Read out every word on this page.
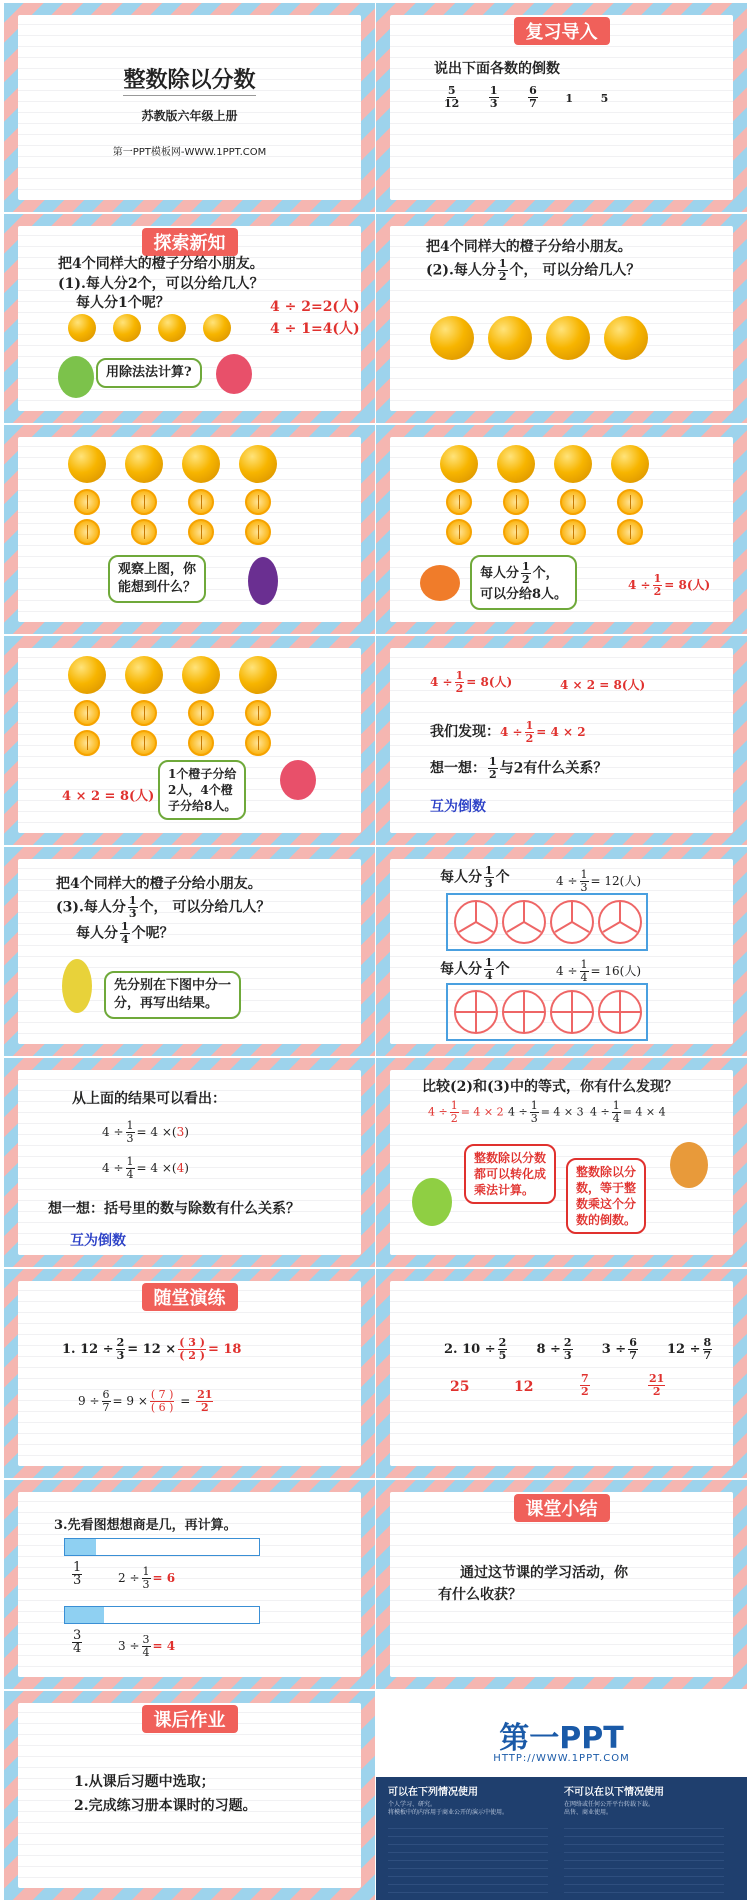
整数除以分数
苏教版六年级上册
第一PPT模板网-WWW.1PPT.COM
复习导入
说出下面各数的倒数
$\frac{5}{12}$
	$\frac{1}{3}$
	$\frac{6}{7}$	1	5
探索新知
把4个同样大的橙子分给小朋友。
(1).每人分2个，可以分给几人？
每人分1个呢？	4 ÷ 2=2(人)
4 ÷ 1=4(人)
用除法法计算?
把4个同样大的橙子分给小朋友。
(2).每人分 $\frac{1}{2}$ 个， 可以分给几人？
观察上图，你
能想到什么？
每人分 $\frac{1}{2}$ 个，
可以分给8人。
$4 \div \frac{1}{2} = 8$(人)
4 × 2 = 8(人)
1个橙子分给
2人，4个橙
子分给8人。
$4 \div \frac{1}{2} = 8$(人)	4 × 2 = 8(人)
我们发现：$4 \div \frac{1}{2} = 4 \times 2$
想一想： $\frac{1}{2}$ 与2有什么关系？
互为倒数
把4个同样大的橙子分给小朋友。
(3).每人分 $\frac{1}{3}$ 个， 可以分给几人？
每人分 $\frac{1}{4}$ 个呢？
先分别在下图中分一
分，再写出结果。
每人分 $\frac{1}{3}$ 个	$4 \div \frac{1}{3} = 12$(人)
每人分 $\frac{1}{4}$ 个	$4 \div \frac{1}{4} = 16$(人)
从上面的结果可以看出：
$4 \div \frac{1}{3} = 4 \times(3)$
$4 \div \frac{1}{4} = 4 \times(4)$
想一想：括号里的数与除数有什么关系？
互为倒数
比较(2)和(3)中的等式，你有什么发现？
$4 \div \frac{1}{2} = 4 \times 2$ $4 \div \frac{1}{3} = 4 \times 3$ $4 \div \frac{1}{4} = 4 \times 4$
整数除以分数
都可以转化成
乘法计算。
整数除以分
数，等于整
数乘这个分
数的倒数。
随堂演练
1. $12 \div \frac{2}{3} = 12 \times \frac{( 3 )}{( 2 )} = 18$
$9 \div \frac{6}{7} = 9 \times \frac{( 7 )}{( 6 )} = \frac{21}{2}$
2. $10 \div \frac{2}{5} 8 \div \frac{2}{3} 3 \div \frac{6}{7} 12 \div \frac{8}{7}$
25	12	$\frac{7}{2}$	$\frac{21}{2}$
3.先看图想想商是几，再计算。
$\frac{1}{3}$	$2 \div \frac{1}{3} = 6$
$\frac{3}{4}$	$3 \div \frac{3}{4} = 4$
课堂小结
通过这节课的学习活动，你
有什么收获？
课后作业
1.从课后习题中选取；
2.完成练习册本课时的习题。
第一PPT
HTTP://WWW.1PPT.COM
可以在下列情况使用	不可以在以下情况使用
个人学习、研究。
将模板中的内容用于商业公开的演示中使用。
在网络或任何公开平台转载下载。
出售、商业使用。
